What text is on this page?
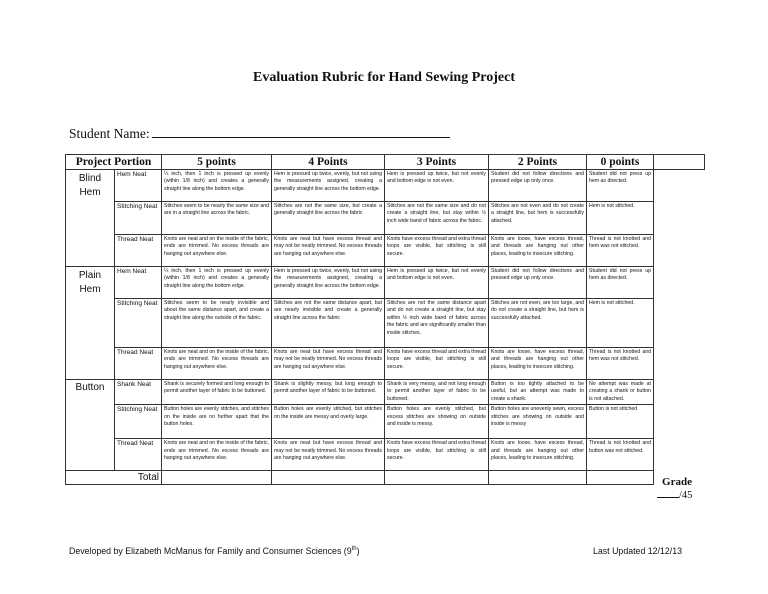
Evaluation Rubric for Hand Sewing Project
Student Name:
Project Portion		5 points	4 Points	3 Points	2 Points	0 points	
Blind Hem	Hem Neat	¼ inch, then 1 inch is pressed up evenly (within 1/8 inch) and creates a generally straight line along the bottom edge.	Hem is pressed up twice, evenly, but not using the measurements assigned, creating a generally straight line across the bottom edge.	Hem is pressed up twice, but not evenly and bottom edge is not even.	Student did not follow directions and pressed edge up only once.	Student did not press up hem as directed.	
	Stitching Neat	Stitches seem to be nearly the same size and are in a straight line across the fabric.	Stitches are not the same size, but create a generally straight line across the fabric	Stitches are not the same size and do not create a straight line, but stay within ½ inch wide band of fabric across the fabric.	Stitches are not even and do not create a straight line, but hem is successfully attached.	Hem is not stitched.	
	Thread Neat	Knots are neat and on the inside of the fabric, ends are trimmed. No excess threads are hanging out anywhere else.	Knots are neat but have excess thread and may not be neatly trimmed. No excess threads are hanging out anywhere else.	Knots have excess thread and extra thread loops are visible, but stitching is still secure.	Knots are loose, have excess thread, and threads are hanging out other places, leading to insecure stitching.	Thread is not knotted and hem was not stitched.	
Plain Hem	Hem Neat	¼ inch, then 1 inch is pressed up evenly (within 1/8 inch) and creates a generally straight line along the bottom edge.	Hem is pressed up twice, evenly, but not using the measurements assigned, creating a generally straight line across the bottom edge.	Hem is pressed up twice, but not evenly and bottom edge is not even.	Student did not follow directions and pressed edge up only once.	Student did not press up hem as directed.	
	Stitching Neat	Stitches seem to be nearly invisible and about the same distance apart, and create a straight line along the outside of the fabric.	Stitches are not the same distance apart, but are nearly invisible and create a generally straight line across the fabric	Stitches are not the same distance apart and do not create a straight line, but stay within ½ inch wide band of fabric across the fabric and are significantly smaller than inside stitches.	Stitches are not even, are too large, and do not create a straight line, but hem is successfully attached.	Hem is not stitched.	
	Thread Neat	Knots are neat and on the inside of the fabric, ends are trimmed. No excess threads are hanging out anywhere else.	Knots are neat but have excess thread and may not be neatly trimmed. No excess threads are hanging out anywhere else.	Knots have excess thread and extra thread loops are visible, but stitching is still secure.	Knots are loose, have excess thread, and threads are hanging out other places, leading to insecure stitching.	Thread is not knotted and hem was not stitched.	
Button	Shank Neat	Shank is securely formed and long enough to permit another layer of fabric to be buttoned.	Shank is slightly messy, but long enough to permit another layer of fabric to be buttoned.	Shank is very messy, and not long enough to permit another layer of fabric to be buttoned.	Button is too tightly attached to be useful, but an attempt was made to create a shank.	No attempt was made at creating a shank or button is not attached.	
	Stitching Neat	Button holes are evenly stitches, and stitches on the inside are no further apart that the button holes.	Button holes are evenly stitched, but stitches on the inside are messy and overly large.	Button holes are evenly stitched, but excess stitches are showing on outside and inside is messy.	Button holes are unevenly sewn, excess stitches are showing on outside and inside is messy	Button is not stitched	
	Thread Neat	Knots are neat and on the inside of the fabric, ends are trimmed. No excess threads are hanging out anywhere else.	Knots are neat but have excess thread and may not be neatly trimmed. No excess threads are hanging out anywhere else.	Knots have excess thread and extra thread loops are visible, but stitching is still secure.	Knots are loose, have excess thread, and threads are hanging out other places, leading to insecure stitching.	Thread is not knotted and button was not stitched.	
Total								Grade
/45
Developed by Elizabeth McManus for Family and Consumer Sciences (9th)	Last Updated 12/12/13
